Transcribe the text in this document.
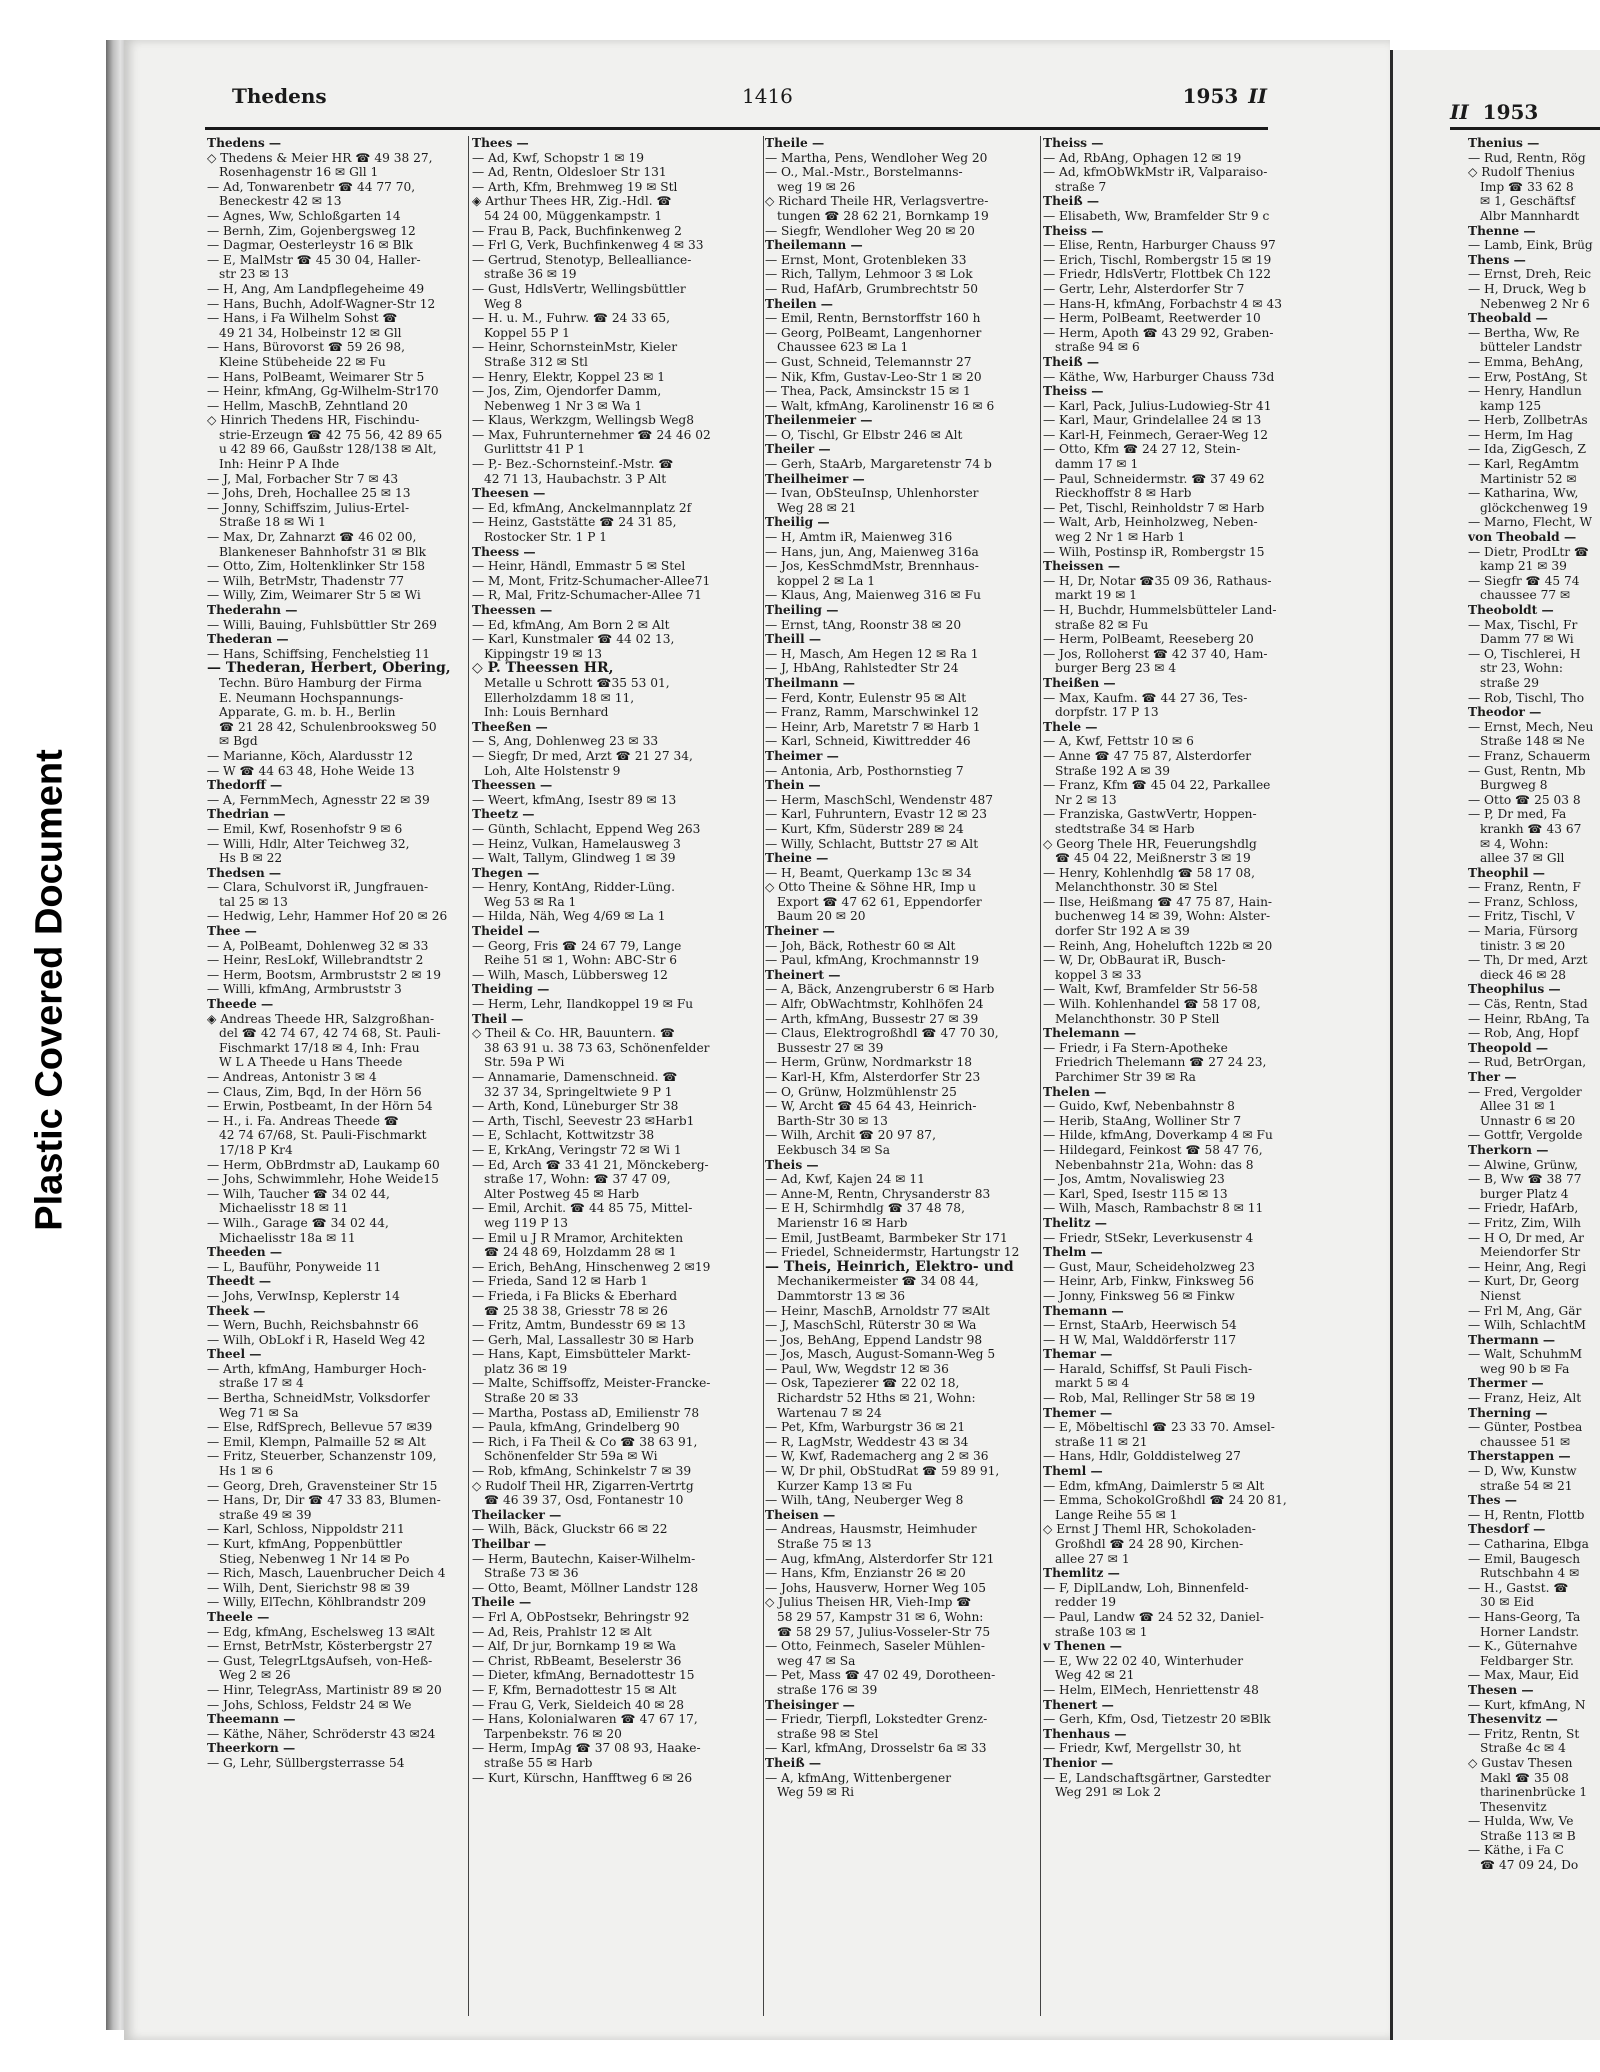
Plastic Covered Document
Thedens	1416	1953 II
II 1953
Thedens —
◇ Thedens & Meier HR ☎ 49 38 27,
Rosenhagenstr 16 ✉ Gll 1
— Ad, Tonwarenbetr ☎ 44 77 70,
Beneckestr 42 ✉ 13
— Agnes, Ww, Schloßgarten 14
— Bernh, Zim, Gojenbergsweg 12
— Dagmar, Oesterleystr 16 ✉ Blk
— E, MalMstr ☎ 45 30 04, Haller-
str 23 ✉ 13
— H, Ang, Am Landpflegeheime 49
— Hans, Buchh, Adolf-Wagner-Str 12
— Hans, i Fa Wilhelm Sohst ☎
49 21 34, Holbeinstr 12 ✉ Gll
— Hans, Bürovorst ☎ 59 26 98,
Kleine Stübeheide 22 ✉ Fu
— Hans, PolBeamt, Weimarer Str 5
— Heinr, kfmAng, Gg-Wilhelm-Str170
— Hellm, MaschB, Zehntland 20
◇ Hinrich Thedens HR, Fischindu-
strie-Erzeugn ☎ 42 75 56, 42 89 65
u 42 89 66, Gaußstr 128/138 ✉ Alt,
Inh: Heinr P A Ihde
— J, Mal, Forbacher Str 7 ✉ 43
— Johs, Dreh, Hochallee 25 ✉ 13
— Jonny, Schiffszim, Julius-Ertel-
Straße 18 ✉ Wi 1
— Max, Dr, Zahnarzt ☎ 46 02 00,
Blankeneser Bahnhofstr 31 ✉ Blk
— Otto, Zim, Holtenklinker Str 158
— Wilh, BetrMstr, Thadenstr 77
— Willy, Zim, Weimarer Str 5 ✉ Wi
Thederahn —
— Willi, Bauing, Fuhlsbüttler Str 269
Thederan —
— Hans, Schiffsing, Fenchelstieg 11
— Thederan, Herbert, Obering,
Techn. Büro Hamburg der Firma
E. Neumann Hochspannungs-
Apparate, G. m. b. H., Berlin
☎ 21 28 42, Schulenbrooksweg 50
✉ Bgd
— Marianne, Köch, Alardusstr 12
— W ☎ 44 63 48, Hohe Weide 13
Thedorff —
— A, FernmMech, Agnesstr 22 ✉ 39
Thedrian —
— Emil, Kwf, Rosenhofstr 9 ✉ 6
— Willi, Hdlr, Alter Teichweg 32,
Hs B ✉ 22
Thedsen —
— Clara, Schulvorst iR, Jungfrauen-
tal 25 ✉ 13
— Hedwig, Lehr, Hammer Hof 20 ✉ 26
Thee —
— A, PolBeamt, Dohlenweg 32 ✉ 33
— Heinr, ResLokf, Willebrandtstr 2
— Herm, Bootsm, Armbruststr 2 ✉ 19
— Willi, kfmAng, Armbruststr 3
Theede —
◈ Andreas Theede HR, Salzgroßhan-
del ☎ 42 74 67, 42 74 68, St. Pauli-
Fischmarkt 17/18 ✉ 4, Inh: Frau
W L A Theede u Hans Theede
— Andreas, Antonistr 3 ✉ 4
— Claus, Zim, Bqd, In der Hörn 56
— Erwin, Postbeamt, In der Hörn 54
— H., i. Fa. Andreas Theede ☎
42 74 67/68, St. Pauli-Fischmarkt
17/18 P Kr4
— Herm, ObBrdmstr aD, Laukamp 60
— Johs, Schwimmlehr, Hohe Weide15
— Wilh, Taucher ☎ 34 02 44,
Michaelisstr 18 ✉ 11
— Wilh., Garage ☎ 34 02 44,
Michaelisstr 18a ✉ 11
Theeden —
— L, Bauführ, Ponyweide 11
Theedt —
— Johs, VerwInsp, Keplerstr 14
Theek —
— Wern, Buchh, Reichsbahnstr 66
— Wilh, ObLokf i R, Haseld Weg 42
Theel —
— Arth, kfmAng, Hamburger Hoch-
straße 17 ✉ 4
— Bertha, SchneidMstr, Volksdorfer
Weg 71 ✉ Sa
— Else, RdfSprech, Bellevue 57 ✉39
— Emil, Klempn, Palmaille 52 ✉ Alt
— Fritz, Steuerber, Schanzenstr 109,
Hs 1 ✉ 6
— Georg, Dreh, Gravensteiner Str 15
— Hans, Dr, Dir ☎ 47 33 83, Blumen-
straße 49 ✉ 39
— Karl, Schloss, Nippoldstr 211
— Kurt, kfmAng, Poppenbüttler
Stieg, Nebenweg 1 Nr 14 ✉ Po
— Rich, Masch, Lauenbrucher Deich 4
— Wilh, Dent, Sierichstr 98 ✉ 39
— Willy, ElTechn, Köhlbrandstr 209
Theele —
— Edg, kfmAng, Eschelsweg 13 ✉Alt
— Ernst, BetrMstr, Kösterbergstr 27
— Gust, TelegrLtgsAufseh, von-Heß-
Weg 2 ✉ 26
— Hinr, TelegrAss, Martinistr 89 ✉ 20
— Johs, Schloss, Feldstr 24 ✉ We
Theemann —
— Käthe, Näher, Schröderstr 43 ✉24
Theerkorn —
— G, Lehr, Süllbergsterrasse 54
Thees —
— Ad, Kwf, Schopstr 1 ✉ 19
— Ad, Rentn, Oldesloer Str 131
— Arth, Kfm, Brehmweg 19 ✉ Stl
◈ Arthur Thees HR, Zig.-Hdl. ☎
54 24 00, Müggenkampstr. 1
— Frau B, Pack, Buchfinkenweg 2
— Frl G, Verk, Buchfinkenweg 4 ✉ 33
— Gertrud, Stenotyp, Bellealliance-
straße 36 ✉ 19
— Gust, HdlsVertr, Wellingsbüttler
Weg 8
— H. u. M., Fuhrw. ☎ 24 33 65,
Koppel 55 P 1
— Heinr, SchornsteinMstr, Kieler
Straße 312 ✉ Stl
— Henry, Elektr, Koppel 23 ✉ 1
— Jos, Zim, Ojendorfer Damm,
Nebenweg 1 Nr 3 ✉ Wa 1
— Klaus, Werkzgm, Wellingsb Weg8
— Max, Fuhrunternehmer ☎ 24 46 02
Gurlittstr 41 P 1
— P,- Bez.-Schornsteinf.-Mstr. ☎
42 71 13, Haubachstr. 3 P Alt
Theesen —
— Ed, kfmAng, Anckelmannplatz 2f
— Heinz, Gaststätte ☎ 24 31 85,
Rostocker Str. 1 P 1
Theess —
— Heinr, Händl, Emmastr 5 ✉ Stel
— M, Mont, Fritz-Schumacher-Allee71
— R, Mal, Fritz-Schumacher-Allee 71
Theessen —
— Ed, kfmAng, Am Born 2 ✉ Alt
— Karl, Kunstmaler ☎ 44 02 13,
Kippingstr 19 ✉ 13
◇ P. Theessen HR,
Metalle u Schrott ☎35 53 01,
Ellerholzdamm 18 ✉ 11,
Inh: Louis Bernhard
Theeßen —
— S, Ang, Dohlenweg 23 ✉ 33
— Siegfr, Dr med, Arzt ☎ 21 27 34,
Loh, Alte Holstenstr 9
Theessen —
— Weert, kfmAng, Isestr 89 ✉ 13
Theetz —
— Günth, Schlacht, Eppend Weg 263
— Heinz, Vulkan, Hamelausweg 3
— Walt, Tallym, Glindweg 1 ✉ 39
Thegen —
— Henry, KontAng, Ridder-Lüng.
Weg 53 ✉ Ra 1
— Hilda, Näh, Weg 4/69 ✉ La 1
Theidel —
— Georg, Fris ☎ 24 67 79, Lange
Reihe 51 ✉ 1, Wohn: ABC-Str 6
— Wilh, Masch, Lübbersweg 12
Theiding —
— Herm, Lehr, Ilandkoppel 19 ✉ Fu
Theil —
◇ Theil & Co. HR, Bauuntern. ☎
38 63 91 u. 38 73 63, Schönenfelder
Str. 59a P Wi
— Annamarie, Damenschneid. ☎
32 37 34, Springeltwiete 9 P 1
— Arth, Kond, Lüneburger Str 38
— Arth, Tischl, Seevestr 23 ✉Harb1
— E, Schlacht, Kottwitzstr 38
— E, KrkAng, Veringstr 72 ✉ Wi 1
— Ed, Arch ☎ 33 41 21, Mönckeberg-
straße 17, Wohn: ☎ 37 47 09,
Alter Postweg 45 ✉ Harb
— Emil, Archit. ☎ 44 85 75, Mittel-
weg 119 P 13
— Emil u J R Mramor, Architekten
☎ 24 48 69, Holzdamm 28 ✉ 1
— Erich, BehAng, Hinschenweg 2 ✉19
— Frieda, Sand 12 ✉ Harb 1
— Frieda, i Fa Blicks & Eberhard
☎ 25 38 38, Griesstr 78 ✉ 26
— Fritz, Amtm, Bundesstr 69 ✉ 13
— Gerh, Mal, Lassallestr 30 ✉ Harb
— Hans, Kapt, Eimsbütteler Markt-
platz 36 ✉ 19
— Malte, Schiffsoffz, Meister-Francke-
Straße 20 ✉ 33
— Martha, Postass aD, Emilienstr 78
— Paula, kfmAng, Grindelberg 90
— Rich, i Fa Theil & Co ☎ 38 63 91,
Schönenfelder Str 59a ✉ Wi
— Rob, kfmAng, Schinkelstr 7 ✉ 39
◇ Rudolf Theil HR, Zigarren-Vertrtg
☎ 46 39 37, Osd, Fontanestr 10
Theilacker —
— Wilh, Bäck, Gluckstr 66 ✉ 22
Theilbar —
— Herm, Bautechn, Kaiser-Wilhelm-
Straße 73 ✉ 36
— Otto, Beamt, Möllner Landstr 128
Theile —
— Frl A, ObPostsekr, Behringstr 92
— Ad, Reis, Prahlstr 12 ✉ Alt
— Alf, Dr jur, Bornkamp 19 ✉ Wa
— Christ, RbBeamt, Beselerstr 36
— Dieter, kfmAng, Bernadottestr 15
— F, Kfm, Bernadottestr 15 ✉ Alt
— Frau G, Verk, Sieldeich 40 ✉ 28
— Hans, Kolonialwaren ☎ 47 67 17,
Tarpenbekstr. 76 ✉ 20
— Herm, ImpAg ☎ 37 08 93, Haake-
straße 55 ✉ Harb
— Kurt, Kürschn, Hanfftweg 6 ✉ 26
Theile —
— Martha, Pens, Wendloher Weg 20
— O., Mal.-Mstr., Borstelmanns-
weg 19 ✉ 26
◇ Richard Theile HR, Verlagsvertre-
tungen ☎ 28 62 21, Bornkamp 19
— Siegfr, Wendloher Weg 20 ✉ 20
Theilemann —
— Ernst, Mont, Grotenbleken 33
— Rich, Tallym, Lehmoor 3 ✉ Lok
— Rud, HafArb, Grumbrechtstr 50
Theilen —
— Emil, Rentn, Bernstorffstr 160 h
— Georg, PolBeamt, Langenhorner
Chaussee 623 ✉ La 1
— Gust, Schneid, Telemannstr 27
— Nik, Kfm, Gustav-Leo-Str 1 ✉ 20
— Thea, Pack, Amsinckstr 15 ✉ 1
— Walt, kfmAng, Karolinenstr 16 ✉ 6
Theilenmeier —
— O, Tischl, Gr Elbstr 246 ✉ Alt
Theiler —
— Gerh, StaArb, Margaretenstr 74 b
Theilheimer —
— Ivan, ObSteuInsp, Uhlenhorster
Weg 28 ✉ 21
Theilig —
— H, Amtm iR, Maienweg 316
— Hans, jun, Ang, Maienweg 316a
— Jos, KesSchmdMstr, Brennhaus-
koppel 2 ✉ La 1
— Klaus, Ang, Maienweg 316 ✉ Fu
Theiling —
— Ernst, tAng, Roonstr 38 ✉ 20
Theill —
— H, Masch, Am Hegen 12 ✉ Ra 1
— J, HbAng, Rahlstedter Str 24
Theilmann —
— Ferd, Kontr, Eulenstr 95 ✉ Alt
— Franz, Ramm, Marschwinkel 12
— Heinr, Arb, Maretstr 7 ✉ Harb 1
— Karl, Schneid, Kiwittredder 46
Theimer —
— Antonia, Arb, Posthornstieg 7
Thein —
— Herm, MaschSchl, Wendenstr 487
— Karl, Fuhruntern, Evastr 12 ✉ 23
— Kurt, Kfm, Süderstr 289 ✉ 24
— Willy, Schlacht, Buttstr 27 ✉ Alt
Theine —
— H, Beamt, Querkamp 13c ✉ 34
◇ Otto Theine & Söhne HR, Imp u
Export ☎ 47 62 61, Eppendorfer
Baum 20 ✉ 20
Theiner —
— Joh, Bäck, Rothestr 60 ✉ Alt
— Paul, kfmAng, Krochmannstr 19
Theinert —
— A, Bäck, Anzengruberstr 6 ✉ Harb
— Alfr, ObWachtmstr, Kohlhöfen 24
— Arth, kfmAng, Bussestr 27 ✉ 39
— Claus, Elektrogroßhdl ☎ 47 70 30,
Bussestr 27 ✉ 39
— Herm, Grünw, Nordmarkstr 18
— Karl-H, Kfm, Alsterdorfer Str 23
— O, Grünw, Holzmühlenstr 25
— W, Archt ☎ 45 64 43, Heinrich-
Barth-Str 30 ✉ 13
— Wilh, Archit ☎ 20 97 87,
Eekbusch 34 ✉ Sa
Theis —
— Ad, Kwf, Kajen 24 ✉ 11
— Anne-M, Rentn, Chrysanderstr 83
— E H, Schirmhdlg ☎ 37 48 78,
Marienstr 16 ✉ Harb
— Emil, JustBeamt, Barmbeker Str 171
— Friedel, Schneidermstr, Hartungstr 12
— Theis, Heinrich, Elektro- und
Mechanikermeister ☎ 34 08 44,
Dammtorstr 13 ✉ 36
— Heinr, MaschB, Arnoldstr 77 ✉Alt
— J, MaschSchl, Rüterstr 30 ✉ Wa
— Jos, BehAng, Eppend Landstr 98
— Jos, Masch, August-Somann-Weg 5
— Paul, Ww, Wegdstr 12 ✉ 36
— Osk, Tapezierer ☎ 22 02 18,
Richardstr 52 Hths ✉ 21, Wohn:
Wartenau 7 ✉ 24
— Pet, Kfm, Warburgstr 36 ✉ 21
— R, LagMstr, Weddestr 43 ✉ 34
— W, Kwf, Rademacherg ang 2 ✉ 36
— W, Dr phil, ObStudRat ☎ 59 89 91,
Kurzer Kamp 13 ✉ Fu
— Wilh, tAng, Neuberger Weg 8
Theisen —
— Andreas, Hausmstr, Heimhuder
Straße 75 ✉ 13
— Aug, kfmAng, Alsterdorfer Str 121
— Hans, Kfm, Enzianstr 26 ✉ 20
— Johs, Hausverw, Horner Weg 105
◇ Julius Theisen HR, Vieh-Imp ☎
58 29 57, Kampstr 31 ✉ 6, Wohn:
☎ 58 29 57, Julius-Vosseler-Str 75
— Otto, Feinmech, Saseler Mühlen-
weg 47 ✉ Sa
— Pet, Mass ☎ 47 02 49, Dorotheen-
straße 176 ✉ 39
Theisinger —
— Friedr, Tierpfl, Lokstedter Grenz-
straße 98 ✉ Stel
— Karl, kfmAng, Drosselstr 6a ✉ 33
Theiß —
— A, kfmAng, Wittenbergener
Weg 59 ✉ Ri
Theiss —
— Ad, RbAng, Ophagen 12 ✉ 19
— Ad, kfmObWkMstr iR, Valparaiso-
straße 7
Theiß —
— Elisabeth, Ww, Bramfelder Str 9 c
Theiss —
— Elise, Rentn, Harburger Chauss 97
— Erich, Tischl, Rombergstr 15 ✉ 19
— Friedr, HdlsVertr, Flottbek Ch 122
— Gertr, Lehr, Alsterdorfer Str 7
— Hans-H, kfmAng, Forbachstr 4 ✉ 43
— Herm, PolBeamt, Reetwerder 10
— Herm, Apoth ☎ 43 29 92, Graben-
straße 94 ✉ 6
Theiß —
— Käthe, Ww, Harburger Chauss 73d
Theiss —
— Karl, Pack, Julius-Ludowieg-Str 41
— Karl, Maur, Grindelallee 24 ✉ 13
— Karl-H, Feinmech, Geraer-Weg 12
— Otto, Kfm ☎ 24 27 12, Stein-
damm 17 ✉ 1
— Paul, Schneidermstr. ☎ 37 49 62
Rieckhoffstr 8 ✉ Harb
— Pet, Tischl, Reinholdstr 7 ✉ Harb
— Walt, Arb, Heinholzweg, Neben-
weg 2 Nr 1 ✉ Harb 1
— Wilh, Postinsp iR, Rombergstr 15
Theissen —
— H, Dr, Notar ☎35 09 36, Rathaus-
markt 19 ✉ 1
— H, Buchdr, Hummelsbütteler Land-
straße 82 ✉ Fu
— Herm, PolBeamt, Reeseberg 20
— Jos, Rolloherst ☎ 42 37 40, Ham-
burger Berg 23 ✉ 4
Theißen —
— Max, Kaufm. ☎ 44 27 36, Tes-
dorpfstr. 17 P 13
Thele —
— A, Kwf, Fettstr 10 ✉ 6
— Anne ☎ 47 75 87, Alsterdorfer
Straße 192 A ✉ 39
— Franz, Kfm ☎ 45 04 22, Parkallee
Nr 2 ✉ 13
— Franziska, GastwVertr, Hoppen-
stedtstraße 34 ✉ Harb
◇ Georg Thele HR, Feuerungshdlg
☎ 45 04 22, Meißnerstr 3 ✉ 19
— Henry, Kohlenhdlg ☎ 58 17 08,
Melanchthonstr. 30 ✉ Stel
— Ilse, Heißmang ☎ 47 75 87, Hain-
buchenweg 14 ✉ 39, Wohn: Alster-
dorfer Str 192 A ✉ 39
— Reinh, Ang, Hoheluftch 122b ✉ 20
— W, Dr, ObBaurat iR, Busch-
koppel 3 ✉ 33
— Walt, Kwf, Bramfelder Str 56-58
— Wilh. Kohlenhandel ☎ 58 17 08,
Melanchthonstr. 30 P Stell
Thelemann —
— Friedr, i Fa Stern-Apotheke
Friedrich Thelemann ☎ 27 24 23,
Parchimer Str 39 ✉ Ra
Thelen —
— Guido, Kwf, Nebenbahnstr 8
— Herib, StaAng, Wolliner Str 7
— Hilde, kfmAng, Doverkamp 4 ✉ Fu
— Hildegard, Feinkost ☎ 58 47 76,
Nebenbahnstr 21a, Wohn: das 8
— Jos, Amtm, Novaliswieg 23
— Karl, Sped, Isestr 115 ✉ 13
— Wilh, Masch, Rambachstr 8 ✉ 11
Thelitz —
— Friedr, StSekr, Leverkusenstr 4
Thelm —
— Gust, Maur, Scheideholzweg 23
— Heinr, Arb, Finkw, Finksweg 56
— Jonny, Finksweg 56 ✉ Finkw
Themann —
— Ernst, StaArb, Heerwisch 54
— H W, Mal, Walddörferstr 117
Themar —
— Harald, Schiffsf, St Pauli Fisch-
markt 5 ✉ 4
— Rob, Mal, Rellinger Str 58 ✉ 19
Themer —
— E, Möbeltischl ☎ 23 33 70. Amsel-
straße 11 ✉ 21
— Hans, Hdlr, Golddistelweg 27
Theml —
— Edm, kfmAng, Daimlerstr 5 ✉ Alt
— Emma, SchokolGroßhdl ☎ 24 20 81,
Lange Reihe 55 ✉ 1
◇ Ernst J Theml HR, Schokoladen-
Großhdl ☎ 24 28 90, Kirchen-
allee 27 ✉ 1
Themlitz —
— F, DiplLandw, Loh, Binnenfeld-
redder 19
— Paul, Landw ☎ 24 52 32, Daniel-
straße 103 ✉ 1
v Thenen —
— E, Ww 22 02 40, Winterhuder
Weg 42 ✉ 21
— Helm, ElMech, Henriettenstr 48
Thenert —
— Gerh, Kfm, Osd, Tietzestr 20 ✉Blk
Thenhaus —
— Friedr, Kwf, Mergellstr 30, ht
Thenior —
— E, Landschaftsgärtner, Garstedter
Weg 291 ✉ Lok 2
Thenius —
— Rud, Rentn, Rög
◇ Rudolf Thenius
Imp ☎ 33 62 8
✉ 1, Geschäftsf
Albr Mannhardt
Thenne —
— Lamb, Eink, Brüg
Thens —
— Ernst, Dreh, Reic
— H, Druck, Weg b
Nebenweg 2 Nr 6
Theobald —
— Bertha, Ww, Re
bütteler Landstr
— Emma, BehAng,
— Erw, PostAng, St
— Henry, Handlun
kamp 125
— Herb, ZollbetrAs
— Herm, Im Hag
— Ida, ZigGesch, Z
— Karl, RegAmtm
Martinistr 52 ✉
— Katharina, Ww,
glöckchenweg 19
— Marno, Flecht, W
von Theobald —
— Dietr, ProdLtr ☎
kamp 21 ✉ 39
— Siegfr ☎ 45 74
chaussee 77 ✉
Theoboldt —
— Max, Tischl, Fr
Damm 77 ✉ Wi
— O, Tischlerei, H
str 23, Wohn:
straße 29
— Rob, Tischl, Tho
Theodor —
— Ernst, Mech, Neu
Straße 148 ✉ Ne
— Franz, Schauerm
— Gust, Rentn, Mb
Burgweg 8
— Otto ☎ 25 03 8
— P, Dr med, Fa
krankh ☎ 43 67
✉ 4, Wohn:
allee 37 ✉ Gll
Theophil —
— Franz, Rentn, F
— Franz, Schloss,
— Fritz, Tischl, V
— Maria, Fürsorg
tinistr. 3 ✉ 20
— Th, Dr med, Arzt
dieck 46 ✉ 28
Theophilus —
— Cäs, Rentn, Stad
— Heinr, RbAng, Ta
— Rob, Ang, Hopf
Theopold —
— Rud, BetrOrgan,
Ther —
— Fred, Vergolder
Allee 31 ✉ 1
Unnastr 6 ✉ 20
— Gottfr, Vergolde
Therkorn —
— Alwine, Grünw,
— B, Ww ☎ 38 77
burger Platz 4
— Friedr, HafArb,
— Fritz, Zim, Wilh
— H O, Dr med, Ar
Meiendorfer Str
— Heinr, Ang, Regi
— Kurt, Dr, Georg
Nienst
— Frl M, Ang, Gär
— Wilh, SchlachtM
Thermann —
— Walt, SchuhmM
weg 90 b ✉ Fa
Thermer —
— Franz, Heiz, Alt
Therning —
— Günter, Postbea
chaussee 51 ✉
Therstappen —
— D, Ww, Kunstw
straße 54 ✉ 21
Thes —
— H, Rentn, Flottb
Thesdorf —
— Catharina, Elbga
— Emil, Baugesch
Rutschbahn 4 ✉
— H., Gastst. ☎
30 ✉ Eid
— Hans-Georg, Ta
Horner Landstr.
— K., Güternahve
Feldbarger Str.
— Max, Maur, Eid
Thesen —
— Kurt, kfmAng, N
Thesenvitz —
— Fritz, Rentn, St
Straße 4c ✉ 4
◇ Gustav Thesen
Makl ☎ 35 08
tharinenbrücke 1
Thesenvitz
— Hulda, Ww, Ve
Straße 113 ✉ B
— Käthe, i Fa C
☎ 47 09 24, Do
